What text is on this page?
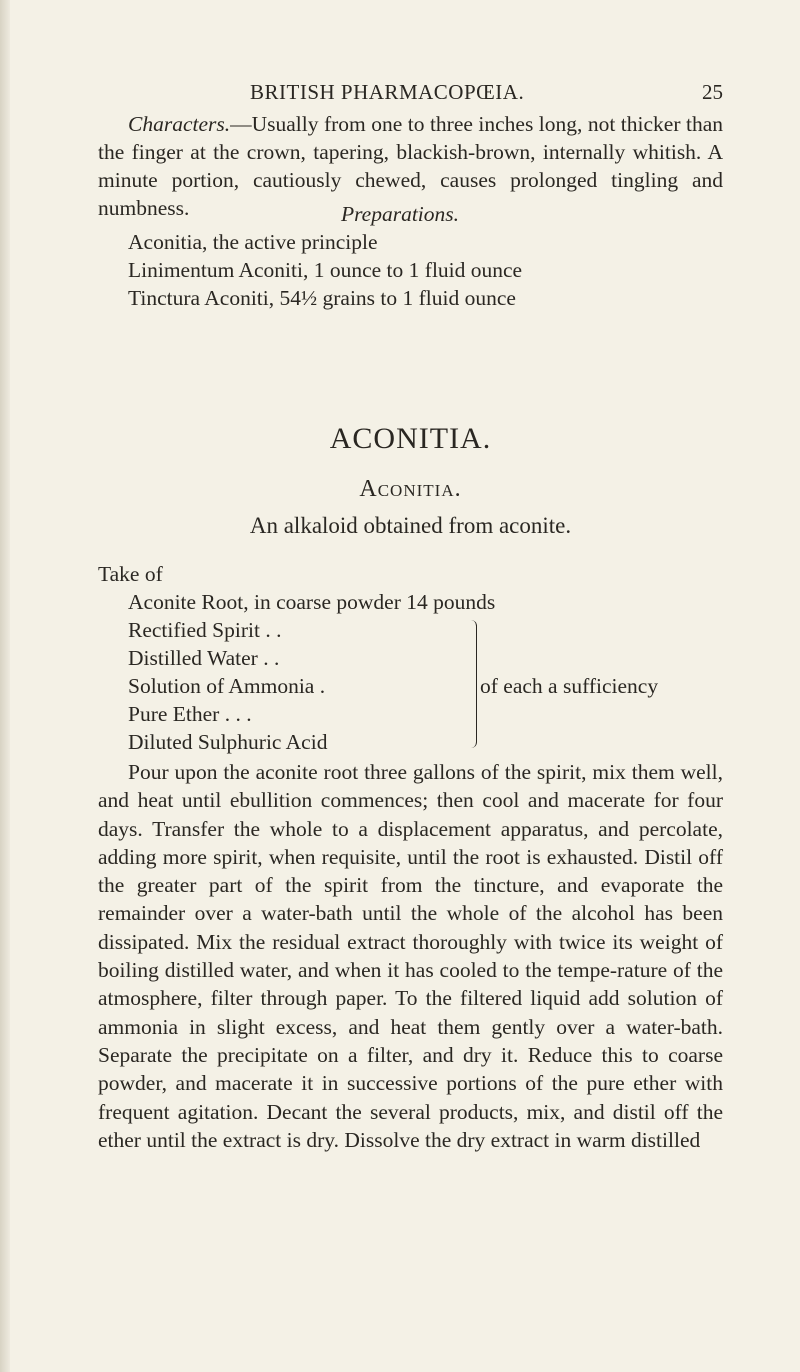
BRITISH PHARMACOPŒIA.	25

Characters.—Usually from one to three inches long, not thicker than the finger at the crown, tapering, blackish-brown, internally whitish. A minute portion, cautiously chewed, causes prolonged tingling and numbness.	Preparations.
Aconitia, the active principle
Linimentum Aconiti, 1 ounce to 1 fluid ounce
Tinctura Aconiti, 54½ grains to 1 fluid ounce
ACONITIA.
Aconitia.
An alkaloid obtained from aconite.
Take of
Aconite Root, in coarse powder 14 pounds
Rectified Spirit . .
Distilled Water . .
Solution of Ammonia .
Pure Ether . . .
Diluted Sulphuric Acid
of each a sufficiency

Pour upon the aconite root three gallons of the spirit, mix them well, and heat until ebullition commences; then cool and macerate for four days. Transfer the whole to a displacement apparatus, and percolate, adding more spirit, when requisite, until the root is exhausted. Distil off the greater part of the spirit from the tincture, and evaporate the remainder over a water-bath until the whole of the alcohol has been dissipated. Mix the residual extract thoroughly with twice its weight of boiling distilled water, and when it has cooled to the tempe-rature of the atmosphere, filter through paper. To the filtered liquid add solution of ammonia in slight excess, and heat them gently over a water-bath. Separate the precipitate on a filter, and dry it. Reduce this to coarse powder, and macerate it in successive portions of the pure ether with frequent agitation. Decant the several products, mix, and distil off the ether until the extract is dry. Dissolve the dry extract in warm distilled
